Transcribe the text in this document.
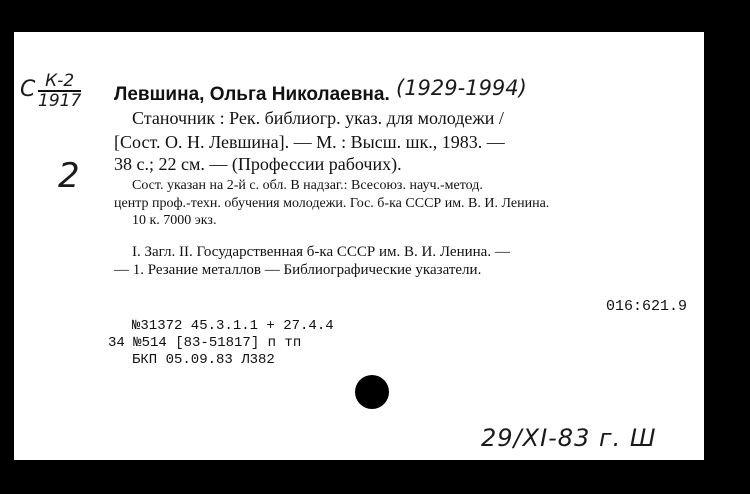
С К-2
1917 Левшина, Ольга Николаевна. (1929-1994)
Станочник : Рек. библиогр. указ. для молодежи /
[Сост. О. Н. Левшина]. — М. : Высш. шк., 1983. —
38 с.; 22 см. — (Профессии рабочих).
2	Сост. указан на 2-й с. обл. В надзаг.: Всесоюз. науч.-метод.
центр проф.-техн. обучения молодежи. Гос. б-ка СССР им. В. И. Ленина.
10 к. 7000 экз.
I. Загл. II. Государственная б-ка СССР им. В. И. Ленина. —
— 1. Резание металлов — Библиографические указатели.
016:621.9
№31372 45.3.1.1 + 27.4.4
34 №514 [83-51817] п тп
БКП 05.09.83 Л382
29/XI-83 г. Ш
